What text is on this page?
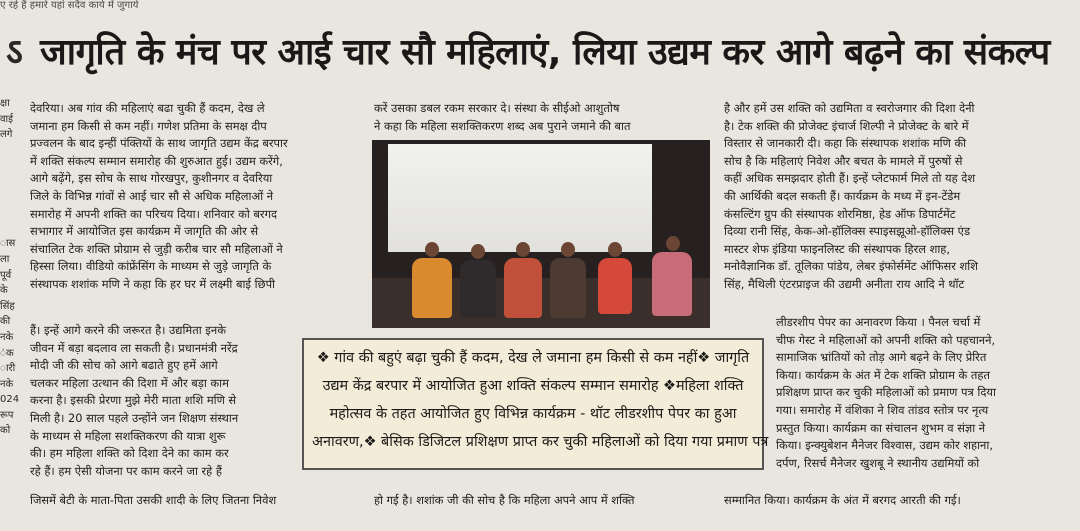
ए रहे हैं हमारे यहां सदैव कार्य में जुगाये
ऽ जागृति के मंच पर आई चार सौ महिलाएं, लिया उद्यम कर आगे बढ़ने का संकल्प
क्षा
वाई
लगे
ास
ला
पूर्व
के
सिंह
की
नके
ंक
ारी
नके
024
रूप
को

देवरिया। अब गांव की महिलाएं बढा चुकी हैं कदम, देख ले

जमाना हम किसी से कम नहीं। गणेश प्रतिमा के समक्ष दीप

प्रज्वलन के बाद इन्हीं पंक्तियों के साथ जागृति उद्यम केंद्र बरपार

में शक्ति संकल्प सम्मान समारोह की शुरुआत हुई। उद्यम करेंगे,

आगे बढ़ेंगे, इस सोच के साथ गोरखपुर, कुशीनगर व देवरिया

जिले के विभिन्न गांवों से आई चार सौ से अधिक महिलाओं ने

समारोह में अपनी शक्ति का परिचय दिया। शनिवार को बरगद

सभागार में आयोजित इस कार्यक्रम में जागृति की ओर से

संचालित टेक शक्ति प्रोग्राम से जुड़ी करीब चार सौ महिलाओं ने

हिस्सा लिया। वीडियो कांफ्रेंसिंग के माध्यम से जुड़े जागृति के

संस्थापक शशांक मणि ने कहा कि हर घर में लक्ष्मी बाई छिपी

करें उसका डबल रकम सरकार दे। संस्था के सीईओ आशुतोष

ने कहा कि महिला सशक्तिकरण शब्द अब पुराने जमाने की बात

है और हमें उस शक्ति को उद्यमिता व स्वरोजगार की दिशा देनी

है। टेक शक्ति की प्रोजेक्ट इंचार्ज शिल्पी ने प्रोजेक्ट के बारे में

विस्तार से जानकारी दी। कहा कि संस्थापक शशांक मणि की

सोच है कि महिलाएं निवेश और बचत के मामले में पुरुषों से

कहीं अधिक समझदार होती हैं। इन्हें प्लेटफार्म मिले तो यह देश

की आर्थिकी बदल सकती हैं। कार्यक्रम के मध्य में इन-टेंडेम

कंसल्टिंग ग्रुप की संस्थापक शोरमिष्ठा, हेड ऑफ डिपार्टमेंट

दिव्या रानी सिंह, केक-ओ-हॉलिक्स स्पाइसझूओ-हॉलिक्स एंड

मास्टर शेफ इंडिया फाइनलिस्ट की संस्थापक हिरल शाह,

मनोवैज्ञानिक डॉ. तूलिका पांडेय, लेबर इंफोर्समेंट ऑफिसर शशि

सिंह, मैथिली एंटरप्राइज की उद्यमी अनीता राय आदि ने थॉट

हैं। इन्हें आगे करने की जरूरत है। उद्यमिता इनके

जीवन में बड़ा बदलाव ला सकती है। प्रधानमंत्री नरेंद्र

मोदी जी की सोच को आगे बढाते हुए हमें आगे

चलकर महिला उत्थान की दिशा में और बड़ा काम

करना है। इसकी प्रेरणा मुझे मेरी माता शशि मणि से

मिली है। 20 साल पहले उन्होंने जन शिक्षण संस्थान

के माध्यम से महिला सशक्तिकरण की यात्रा शुरू

की। हम महिला शक्ति को दिशा देने का काम कर

रहे हैं। हम ऐसी योजना पर काम करने जा रहे हैं

लीडरशीप पेपर का अनावरण किया । पैनल चर्चा में

चीफ गेस्ट ने महिलाओं को अपनी शक्ति को पहचानने,

सामाजिक भ्रांतियों को तोड़ आगे बढ़ने के लिए प्रेरित

किया। कार्यक्रम के अंत में टेक शक्ति प्रोग्राम के तहत

प्रशिक्षण प्राप्त कर चुकी महिलाओं को प्रमाण पत्र दिया

गया। समारोह में वंशिका ने शिव तांडव स्तोत्र पर नृत्य

प्रस्तुत किया। कार्यक्रम का संचालन शुभम व संज्ञा ने

किया। इन्क्युबेशन मैनेजर विश्वास, उद्यम कोर शहाना,

दर्पण, रिसर्च मैनेजर खुशबू ने स्थानीय उद्यमियों को

जिसमें बेटी के माता-पिता उसकी शादी के लिए जितना निवेश	हो गई है। शशांक जी की सोच है कि महिला अपने आप में शक्ति	सम्मानित किया। कार्यक्रम के अंत में बरगद आरती की गई।
❖ गांव की बहुएं बढ़ा चुकी हैं कदम, देख ले जमाना हम किसी से कम नहीं❖ जागृति
उद्यम केंद्र बरपार में आयोजित हुआ शक्ति संकल्प सम्मान समारोह ❖महिला शक्ति
महोत्सव के तहत आयोजित हुए विभिन्न कार्यक्रम - थॉट लीडरशीप पेपर का हुआ
अनावरण,❖ बेसिक डिजिटल प्रशिक्षण प्राप्त कर चुकी महिलाओं को दिया गया प्रमाण पत्र
